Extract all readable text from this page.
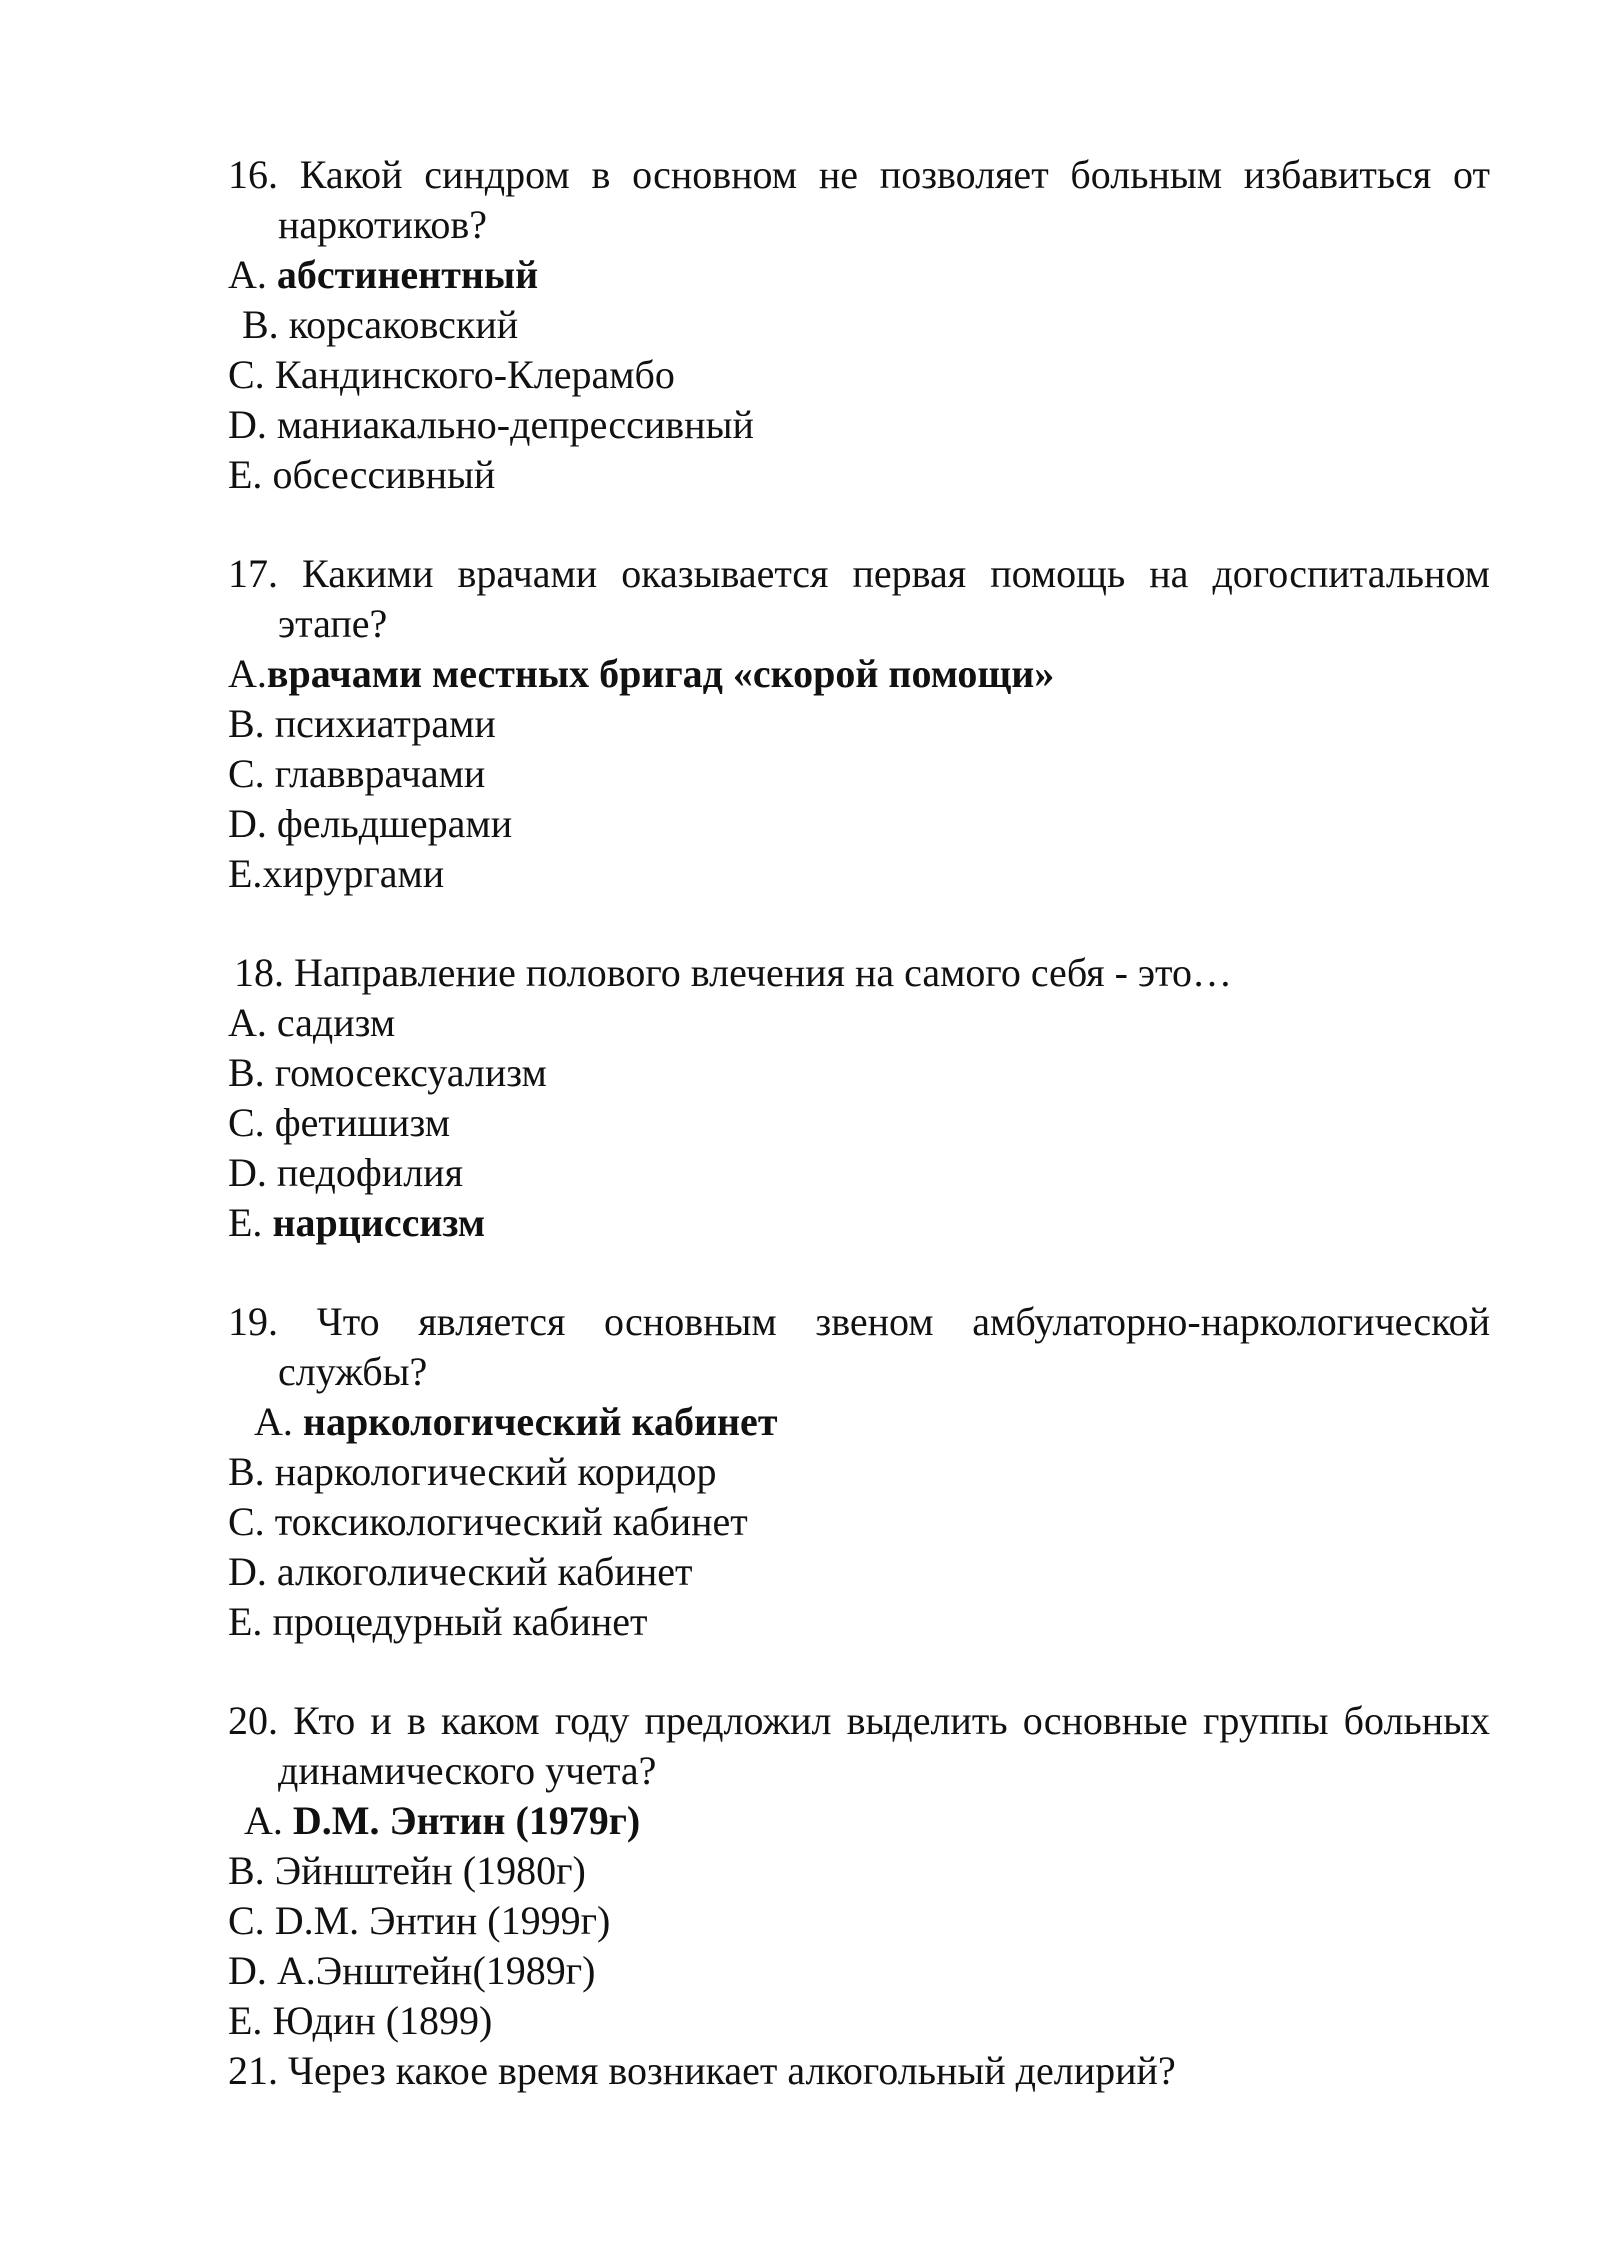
16. Какой синдром в основном не позволяет больным избавиться от наркотиков?

A. абстинентный

B. корсаковский

C. Кандинского-Клерамбо

D. маниакально-депрессивный

E. обсессивный

17. Какими врачами оказывается первая помощь на догоспитальном этапе?

A.врачами местных бригад «скорой помощи»

B. психиатрами

C. главврачами

D. фельдшерами

E.хирургами

18. Направление полового влечения на самого себя - это…

A. садизм

B. гомосексуализм

C. фетишизм

D. педофилия

E. нарциссизм

19. Что является основным звеном амбулаторно-наркологической службы?

A. наркологический кабинет

B. наркологический коридор

C. токсикологический кабинет

D. алкоголический кабинет

E. процедурный кабинет

20. Кто и в каком году предложил выделить основные группы больных динамического учета?

A. D.M. Энтин (1979г)

B. Эйнштейн (1980г)

C. D.M. Энтин (1999г)

D. А.Энштейн(1989г)

E. Юдин (1899)

21. Через какое время возникает алкогольный делирий?
